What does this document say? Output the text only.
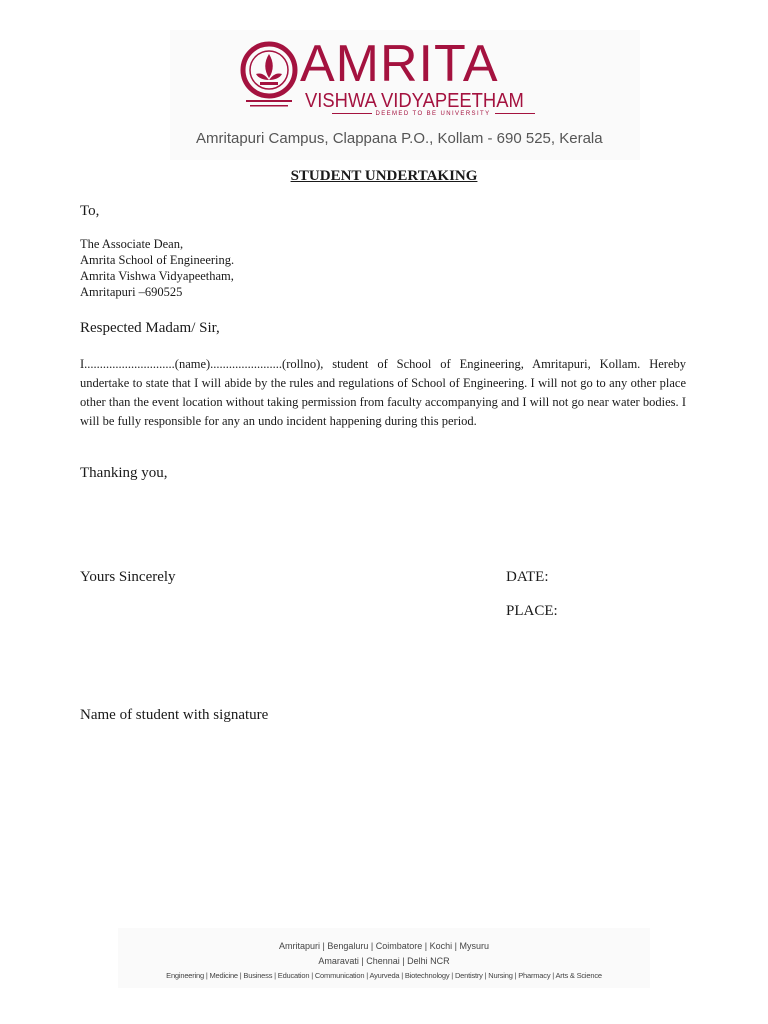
AMRITA
VISHWA VIDYAPEETHAM
DEEMED TO BE UNIVERSITY
Amritapuri Campus, Clappana P.O., Kollam - 690 525, Kerala
STUDENT UNDERTAKING
To,
The Associate Dean,
Amrita School of Engineering.
Amrita Vishwa Vidyapeetham,
Amritapuri –690525
Respected Madam/ Sir,
I.............................(name).......................(rollno), student of School of Engineering, Amritapuri, Kollam. Hereby undertake to state that I will abide by the rules and regulations of School of Engineering. I will not go to any other place other than the event location without taking permission from faculty accompanying and I will not go near water bodies. I will be fully responsible for any an undo incident happening during this period.
Thanking you,
Yours Sincerely	DATE:
PLACE:
Name of student with signature
Amritapuri | Bengaluru | Coimbatore | Kochi | Mysuru
Amaravati | Chennai | Delhi NCR
Engineering | Medicine | Business | Education | Communication | Ayurveda | Biotechnology | Dentistry | Nursing | Pharmacy | Arts & Science
